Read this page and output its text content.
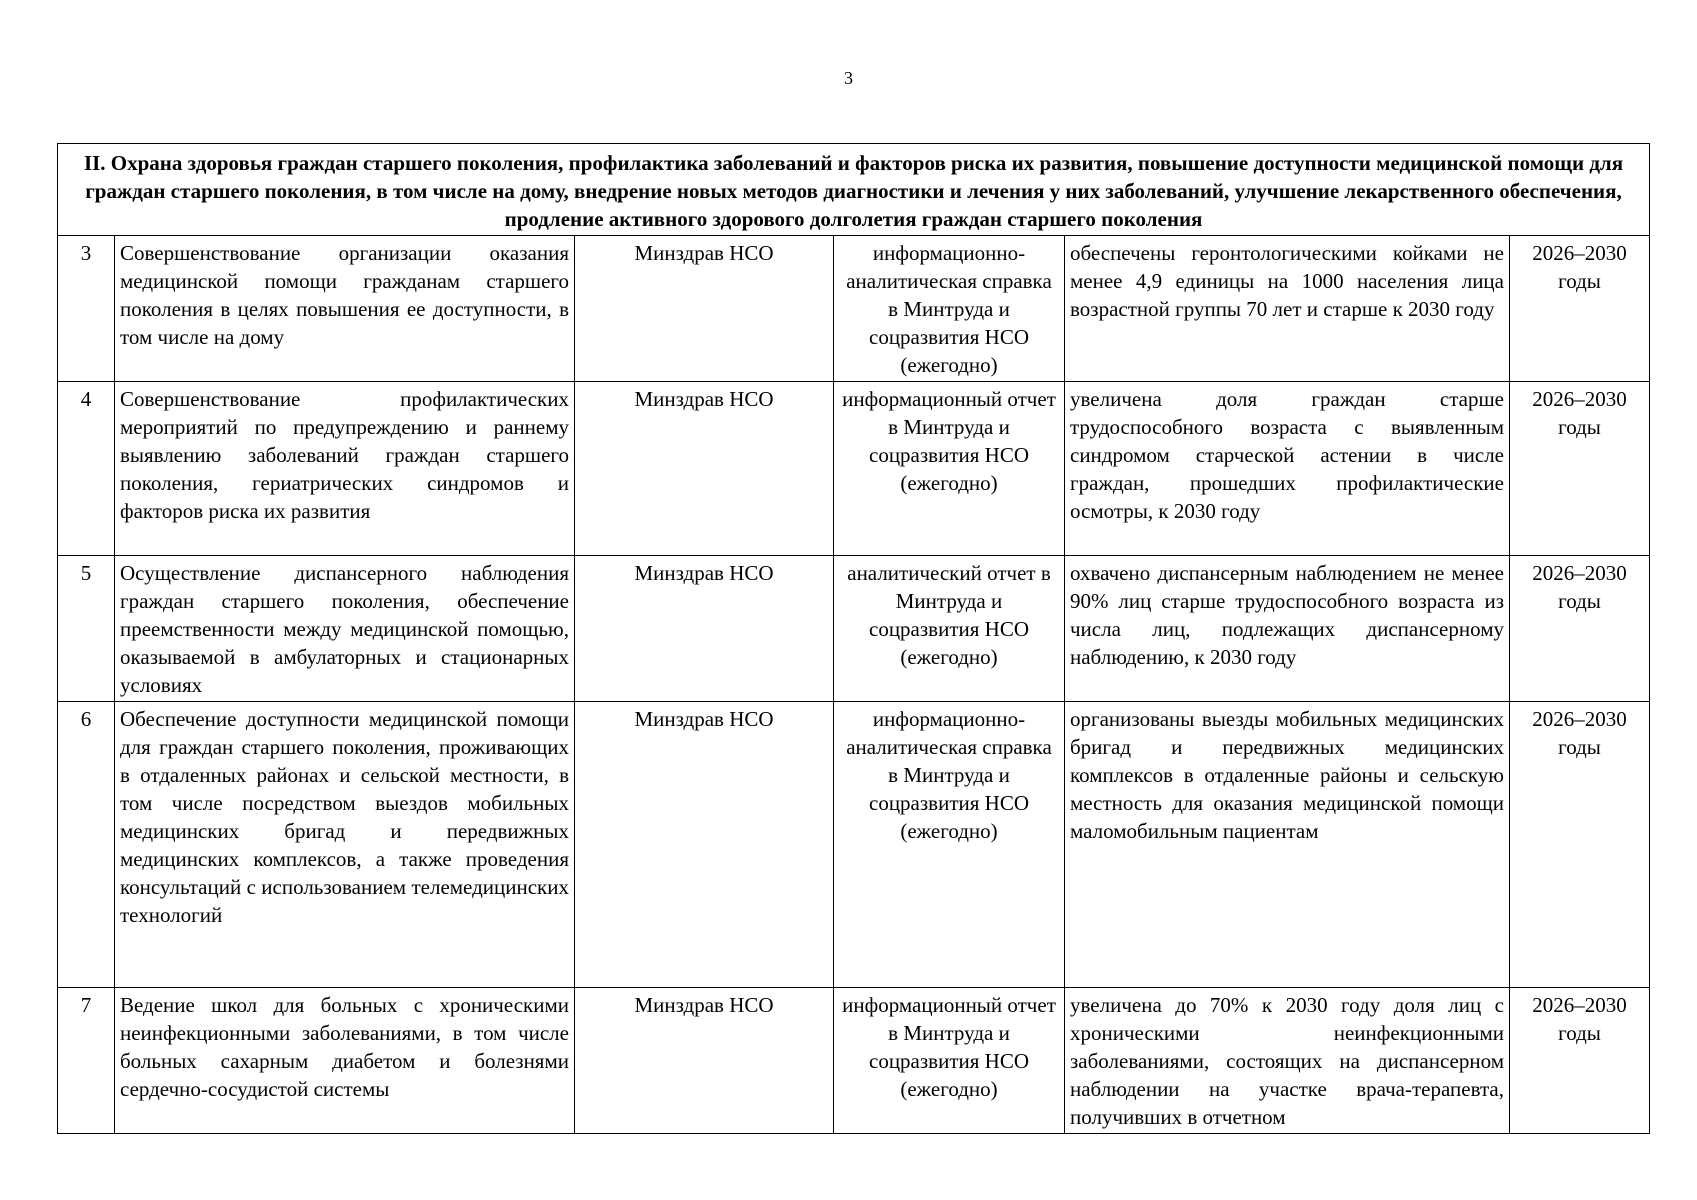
3
II. Охрана здоровья граждан старшего поколения, профилактика заболеваний и факторов риска их развития, повышение доступности медицинской помощи для граждан старшего поколения, в том числе на дому, внедрение новых методов диагностики и лечения у них заболеваний, улучшение лекарственного обеспечения, продление активного здорового долголетия граждан старшего поколения					
3	Совершенствование организации оказания медицинской помощи гражданам старшего поколения в целях повышения ее доступности, в том числе на дому	Минздрав НСО	информационно-аналитическая справка в Минтруда и соцразвития НСО (ежегодно)	обеспечены геронтологическими койками не менее 4,9 единицы на 1000 населения лица возрастной группы 70 лет и старше к 2030 году	2026–2030 годы
4	Совершенствование профилактических мероприятий по предупреждению и раннему выявлению заболеваний граждан старшего поколения, гериатрических синдромов и факторов риска их развития	Минздрав НСО	информационный отчет в Минтруда и соцразвития НСО (ежегодно)	увеличена доля граждан старше трудоспособного возраста с выявленным синдромом старческой астении в числе граждан, прошедших профилактические осмотры, к 2030 году	2026–2030 годы
5	Осуществление диспансерного наблюдения граждан старшего поколения, обеспечение преемственности между медицинской помощью, оказываемой в амбулаторных и стационарных условиях	Минздрав НСО	аналитический отчет в Минтруда и соцразвития НСО (ежегодно)	охвачено диспансерным наблюдением не менее 90% лиц старше трудоспособного возраста из числа лиц, подлежащих диспансерному наблюдению, к 2030 году	2026–2030 годы
6	Обеспечение доступности медицинской помощи для граждан старшего поколения, проживающих в отдаленных районах и сельской местности, в том числе посредством выездов мобильных медицинских бригад и передвижных медицинских комплексов, а также проведения консультаций с использованием телемедицинских технологий	Минздрав НСО	информационно-аналитическая справка в Минтруда и соцразвития НСО (ежегодно)	организованы выезды мобильных медицинских бригад и передвижных медицинских комплексов в отдаленные районы и сельскую местность для оказания медицинской помощи маломобильным пациентам	2026–2030 годы
7	Ведение школ для больных с хроническими неинфекционными заболеваниями, в том числе больных сахарным диабетом и болезнями сердечно-сосудистой системы	Минздрав НСО	информационный отчет в Минтруда и соцразвития НСО (ежегодно)	увеличена до 70% к 2030 году доля лиц с хроническими неинфекционными заболеваниями, состоящих на диспансерном наблюдении на участке врача-терапевта, получивших в отчетном	2026–2030 годы
